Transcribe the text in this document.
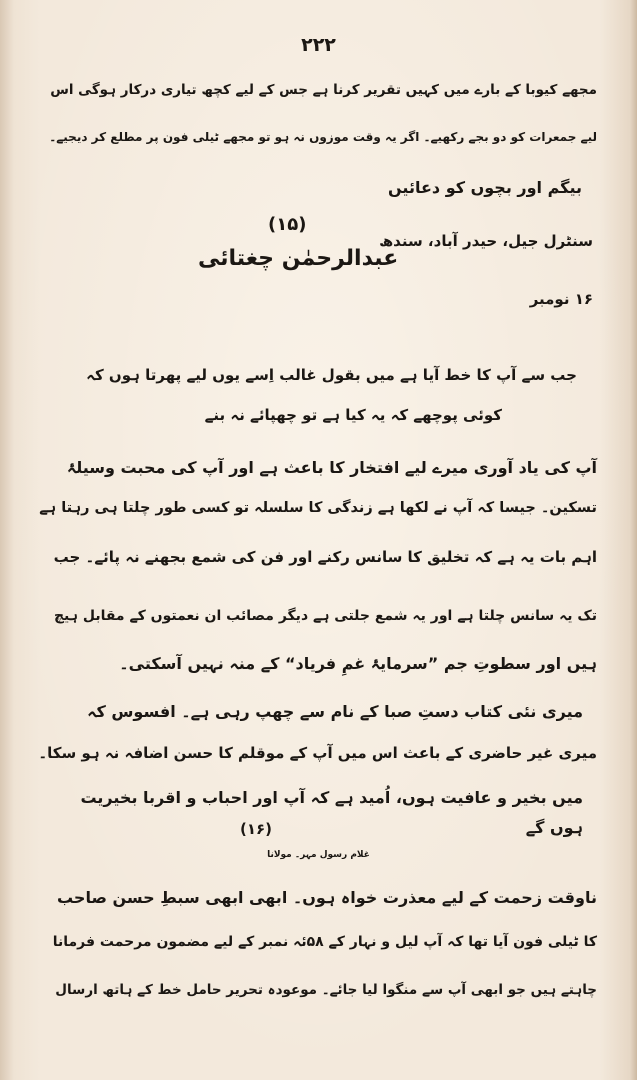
۲۲۲
مجھے کیوبا کے بارے میں کہیں تقریر کرنا ہے جس کے لیے کچھ تیاری درکار ہوگی اس
لیے جمعرات کو دو بجے رکھیے۔ اگر یہ وقت موزوں نہ ہو تو مجھے ٹیلی فون پر مطلع کر دیجیے۔
بیگم اور بچوں کو دعائیں
(۱۵)
سنٹرل جیل، حیدر آباد، سندھ
عبدالرحمٰن چغتائی
۱۶ نومبر
جب سے آپ کا خط آیا ہے میں بقول غالب اِسے یوں لیے پھرتا ہوں کہ
کوئی پوچھے کہ یہ کیا ہے تو چھپائے نہ بنے
آپ کی یاد آوری میرے لیے افتخار کا باعث ہے اور آپ کی محبت وسیلۂ
تسکین۔ جیسا کہ آپ نے لکھا ہے زندگی کا سلسلہ تو کسی طور چلتا ہی رہتا ہے
اہم بات یہ ہے کہ تخلیق کا سانس رکنے اور فن کی شمع بجھنے نہ پائے۔ جب
تک یہ سانس چلتا ہے اور یہ شمع جلتی ہے دیگر مصائب ان نعمتوں کے مقابل ہیچ
ہیں اور سطوتِ جم ”سرمایۂ غمِ فریاد“ کے منہ نہیں آسکتی۔
میری نئی کتاب دستِ صبا کے نام سے چھپ رہی ہے۔ افسوس کہ
میری غیر حاضری کے باعث اس میں آپ کے موقلم کا حسن اضافہ نہ ہو سکا۔
میں بخیر و عافیت ہوں، اُمید ہے کہ آپ اور احباب و اقربا بخیریت
ہوں گے
(۱۶)
غلام رسول مہر۔ مولانا
ناوقت زحمت کے لیے معذرت خواہ ہوں۔ ابھی ابھی سبطِ حسن صاحب
کا ٹیلی فون آیا تھا کہ آپ لیل و نہار کے ۵۸ئہ نمبر کے لیے مضمون مرحمت فرمانا
چاہتے ہیں جو ابھی آپ سے منگوا لیا جائے۔ موعودہ تحریر حامل خط کے ہاتھ ارسال
